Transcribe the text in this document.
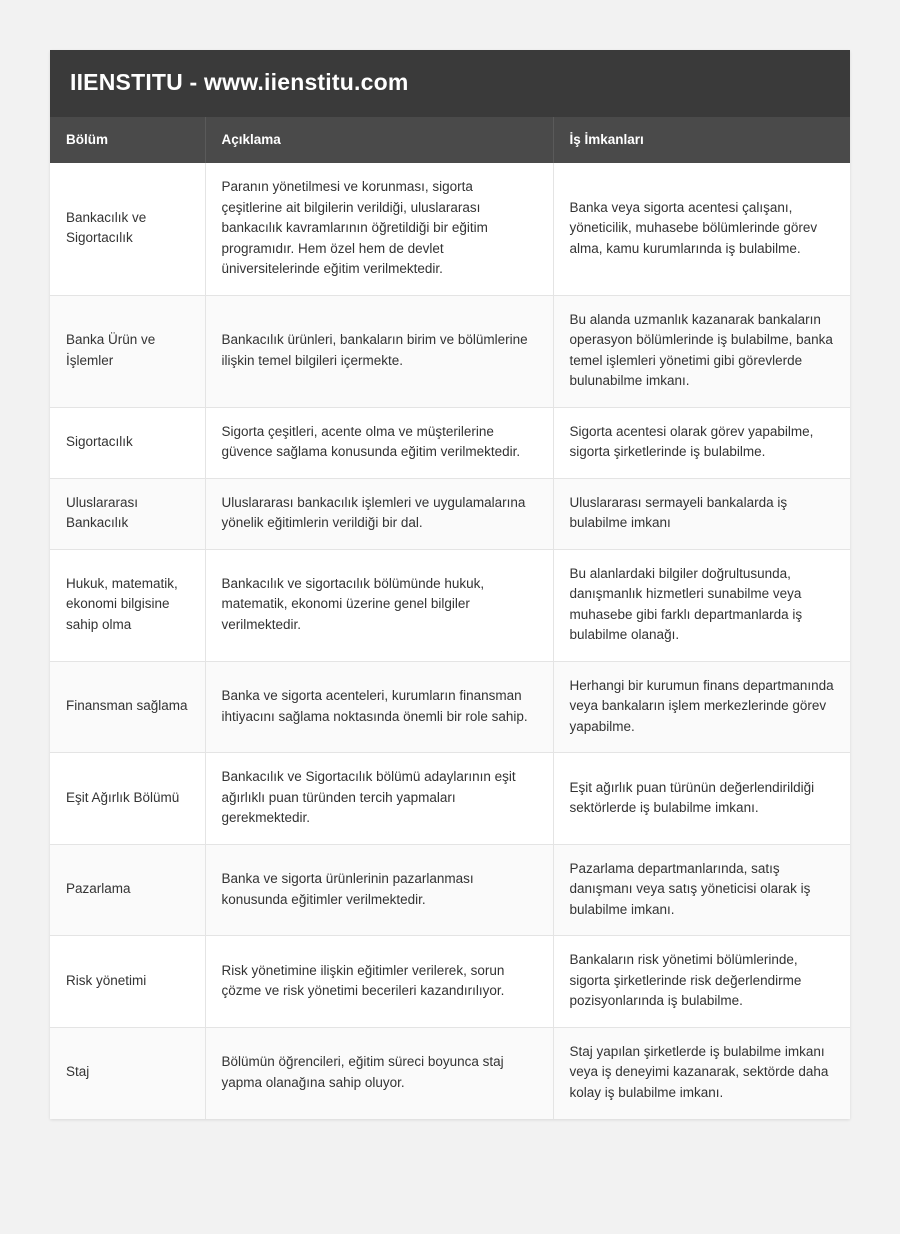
IIENSTITU - www.iienstitu.com
Bölüm	Açıklama	İş İmkanları
Bankacılık ve Sigortacılık	Paranın yönetilmesi ve korunması, sigorta çeşitlerine ait bilgilerin verildiği, uluslararası bankacılık kavramlarının öğretildiği bir eğitim programıdır. Hem özel hem de devlet üniversitelerinde eğitim verilmektedir.	Banka veya sigorta acentesi çalışanı, yöneticilik, muhasebe bölümlerinde görev alma, kamu kurumlarında iş bulabilme.
Banka Ürün ve İşlemler	Bankacılık ürünleri, bankaların birim ve bölümlerine ilişkin temel bilgileri içermekte.	Bu alanda uzmanlık kazanarak bankaların operasyon bölümlerinde iş bulabilme, banka temel işlemleri yönetimi gibi görevlerde bulunabilme imkanı.
Sigortacılık	Sigorta çeşitleri, acente olma ve müşterilerine güvence sağlama konusunda eğitim verilmektedir.	Sigorta acentesi olarak görev yapabilme, sigorta şirketlerinde iş bulabilme.
Uluslararası Bankacılık	Uluslararası bankacılık işlemleri ve uygulamalarına yönelik eğitimlerin verildiği bir dal.	Uluslararası sermayeli bankalarda iş bulabilme imkanı
Hukuk, matematik, ekonomi bilgisine sahip olma	Bankacılık ve sigortacılık bölümünde hukuk, matematik, ekonomi üzerine genel bilgiler verilmektedir.	Bu alanlardaki bilgiler doğrultusunda, danışmanlık hizmetleri sunabilme veya muhasebe gibi farklı departmanlarda iş bulabilme olanağı.
Finansman sağlama	Banka ve sigorta acenteleri, kurumların finansman ihtiyacını sağlama noktasında önemli bir role sahip.	Herhangi bir kurumun finans departmanında veya bankaların işlem merkezlerinde görev yapabilme.
Eşit Ağırlık Bölümü	Bankacılık ve Sigortacılık bölümü adaylarının eşit ağırlıklı puan türünden tercih yapmaları gerekmektedir.	Eşit ağırlık puan türünün değerlendirildiği sektörlerde iş bulabilme imkanı.
Pazarlama	Banka ve sigorta ürünlerinin pazarlanması konusunda eğitimler verilmektedir.	Pazarlama departmanlarında, satış danışmanı veya satış yöneticisi olarak iş bulabilme imkanı.
Risk yönetimi	Risk yönetimine ilişkin eğitimler verilerek, sorun çözme ve risk yönetimi becerileri kazandırılıyor.	Bankaların risk yönetimi bölümlerinde, sigorta şirketlerinde risk değerlendirme pozisyonlarında iş bulabilme.
Staj	Bölümün öğrencileri, eğitim süreci boyunca staj yapma olanağına sahip oluyor.	Staj yapılan şirketlerde iş bulabilme imkanı veya iş deneyimi kazanarak, sektörde daha kolay iş bulabilme imkanı.
